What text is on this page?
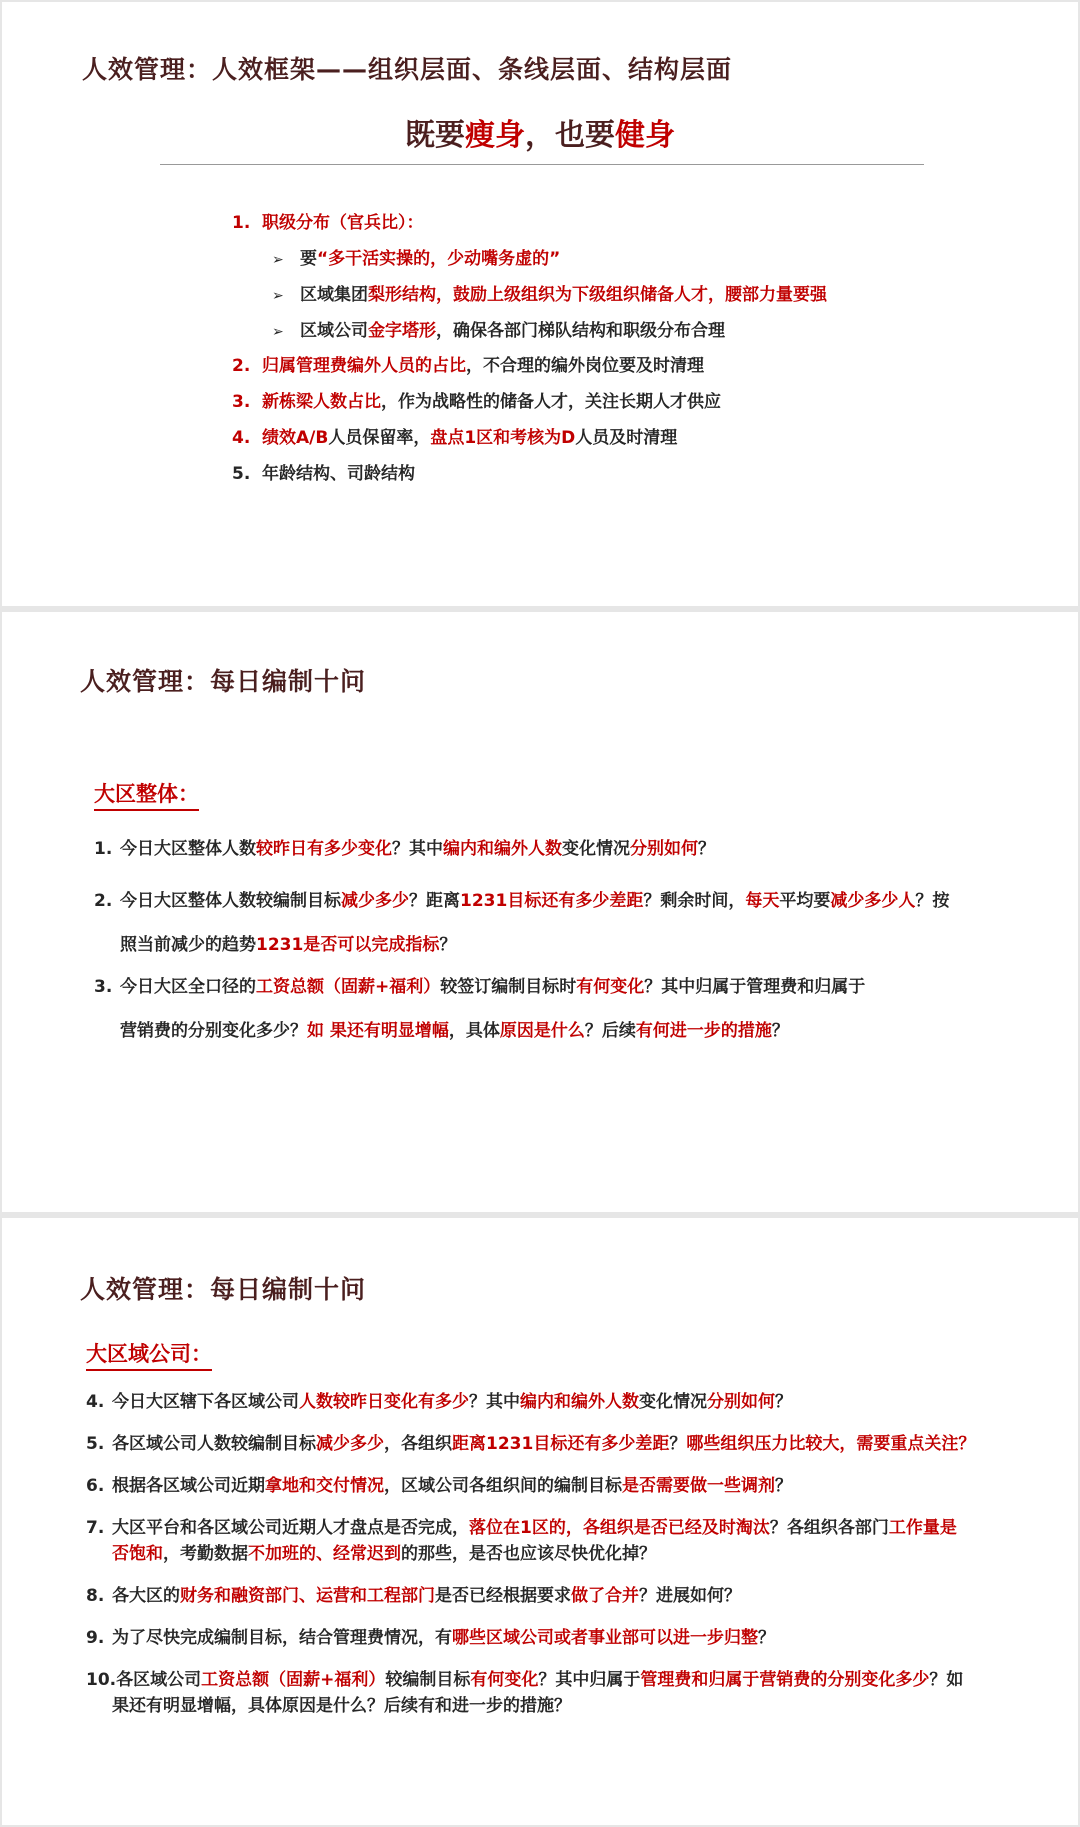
人效管理：人效框架——组织层面、条线层面、结构层面
既要瘦身，也要健身
1. 职级分布（官兵比）：
➢ 要“多干活实操的，少动嘴务虚的”
➢ 区域集团梨形结构，鼓励上级组织为下级组织储备人才，腰部力量要强
➢ 区域公司金字塔形，确保各部门梯队结构和职级分布合理
2. 归属管理费编外人员的占比，不合理的编外岗位要及时清理
3. 新栋梁人数占比，作为战略性的储备人才，关注长期人才供应
4. 绩效A/B人员保留率，盘点1区和考核为D人员及时清理
5. 年龄结构、司龄结构
人效管理：每日编制十问
大区整体：
1. 今日大区整体人数较昨日有多少变化？其中编内和编外人数变化情况分别如何？
2. 今日大区整体人数较编制目标减少多少？距离1231目标还有多少差距？剩余时间，每天平均要减少多少人？按
照当前减少的趋势1231是否可以完成指标？
3. 今日大区全口径的工资总额（固薪+福利）较签订编制目标时有何变化？其中归属于管理费和归属于
营销费的分别变化多少？如 果还有明显增幅，具体原因是什么？后续有何进一步的措施？
人效管理：每日编制十问
大区域公司：
4. 今日大区辖下各区域公司人数较昨日变化有多少？其中编内和编外人数变化情况分别如何？
5. 各区域公司人数较编制目标减少多少，各组织距离1231目标还有多少差距？哪些组织压力比较大，需要重点关注？
6. 根据各区域公司近期拿地和交付情况，区域公司各组织间的编制目标是否需要做一些调剂？
7. 大区平台和各区域公司近期人才盘点是否完成，落位在1区的，各组织是否已经及时淘汰？各组织各部门工作量是
否饱和，考勤数据不加班的、经常迟到的那些，是否也应该尽快优化掉？
8. 各大区的财务和融资部门、运营和工程部门是否已经根据要求做了合并？进展如何？
9. 为了尽快完成编制目标，结合管理费情况，有哪些区域公司或者事业部可以进一步归整？
10.各区域公司工资总额（固薪+福利）较编制目标有何变化？其中归属于管理费和归属于营销费的分别变化多少？如
果还有明显增幅，具体原因是什么？后续有和进一步的措施？
